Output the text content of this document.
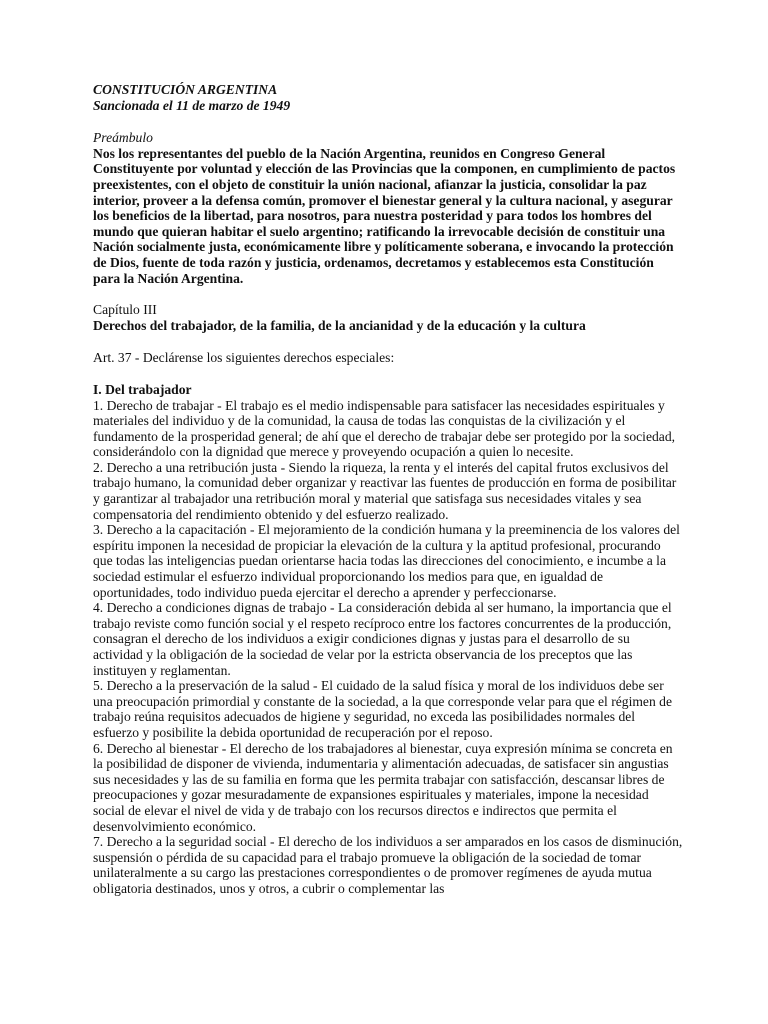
CONSTITUCIÓN ARGENTINA
Sancionada el 11 de marzo de 1949
Preámbulo

Nos los representantes del pueblo de la Nación Argentina, reunidos en Congreso General Constituyente por voluntad y elección de las Provincias que la componen, en cumplimiento de pactos preexistentes, con el objeto de constituir la unión nacional, afianzar la justicia, consolidar la paz interior, proveer a la defensa común, promover el bienestar general y la cultura nacional, y asegurar los beneficios de la libertad, para nosotros, para nuestra posteridad y para todos los hombres del mundo que quieran habitar el suelo argentino; ratificando la irrevocable decisión de constituir una Nación socialmente justa, económicamente libre y políticamente soberana, e invocando la protección de Dios, fuente de toda razón y justicia, ordenamos, decretamos y establecemos esta Constitución para la Nación Argentina.

Capítulo III
Derechos del trabajador, de la familia, de la ancianidad y de la educación y la cultura

Art. 37 - Declárense los siguientes derechos especiales:

I. Del trabajador
1. Derecho de trabajar - El trabajo es el medio indispensable para satisfacer las necesidades espirituales y materiales del individuo y de la comunidad, la causa de todas las conquistas de la civilización y el fundamento de la prosperidad general; de ahí que el derecho de trabajar debe ser protegido por la sociedad, considerándolo con la dignidad que merece y proveyendo ocupación a quien lo necesite.
2. Derecho a una retribución justa - Siendo la riqueza, la renta y el interés del capital frutos exclusivos del trabajo humano, la comunidad deber organizar y reactivar las fuentes de producción en forma de posibilitar y garantizar al trabajador una retribución moral y material que satisfaga sus necesidades vitales y sea compensatoria del rendimiento obtenido y del esfuerzo realizado.
3. Derecho a la capacitación - El mejoramiento de la condición humana y la preeminencia de los valores del espíritu imponen la necesidad de propiciar la elevación de la cultura y la aptitud profesional, procurando que todas las inteligencias puedan orientarse hacia todas las direcciones del conocimiento, e incumbe a la sociedad estimular el esfuerzo individual proporcionando los medios para que, en igualdad de oportunidades, todo individuo pueda ejercitar el derecho a aprender y perfeccionarse.
4. Derecho a condiciones dignas de trabajo - La consideración debida al ser humano, la importancia que el trabajo reviste como función social y el respeto recíproco entre los factores concurrentes de la producción, consagran el derecho de los individuos a exigir condiciones dignas y justas para el desarrollo de su actividad y la obligación de la sociedad de velar por la estricta observancia de los preceptos que las instituyen y reglamentan.
5. Derecho a la preservación de la salud - El cuidado de la salud física y moral de los individuos debe ser una preocupación primordial y constante de la sociedad, a la que corresponde velar para que el régimen de trabajo reúna requisitos adecuados de higiene y seguridad, no exceda las posibilidades normales del esfuerzo y posibilite la debida oportunidad de recuperación por el reposo.
6. Derecho al bienestar - El derecho de los trabajadores al bienestar, cuya expresión mínima se concreta en la posibilidad de disponer de vivienda, indumentaria y alimentación adecuadas, de satisfacer sin angustias sus necesidades y las de su familia en forma que les permita trabajar con satisfacción, descansar libres de preocupaciones y gozar mesuradamente de expansiones espirituales y materiales, impone la necesidad social de elevar el nivel de vida y de trabajo con los recursos directos e indirectos que permita el desenvolvimiento económico.
7. Derecho a la seguridad social - El derecho de los individuos a ser amparados en los casos de disminución, suspensión o pérdida de su capacidad para el trabajo promueve la obligación de la sociedad de tomar unilateralmente a su cargo las prestaciones correspondientes o de promover regímenes de ayuda mutua obligatoria destinados, unos y otros, a cubrir o complementar las
